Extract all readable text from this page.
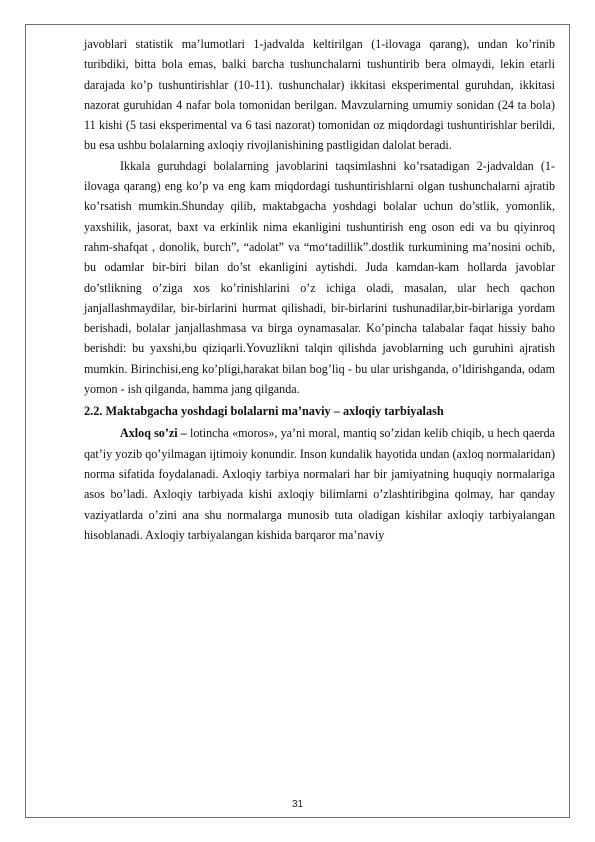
javoblari statistik ma’lumotlari 1-jadvalda keltirilgan (1-ilovaga qarang), undan ko’rinib turibdiki, bitta bola emas, balki barcha tushunchalarni tushuntirib bera olmaydi, lekin etarli darajada ko’p tushuntirishlar (10-11). tushunchalar) ikkitasi eksperimental guruhdan, ikkitasi nazorat guruhidan 4 nafar bola tomonidan berilgan. Mavzularning umumiy sonidan (24 ta bola) 11 kishi (5 tasi eksperimental va 6 tasi nazorat) tomonidan oz miqdordagi tushuntirishlar berildi, bu esa ushbu bolalarning axloqiy rivojlanishining pastligidan dalolat beradi.

Ikkala guruhdagi bolalarning javoblarini taqsimlashni ko’rsatadigan 2-jadvaldan (1-ilovaga qarang) eng ko’p va eng kam miqdordagi tushuntirishlarni olgan tushunchalarni ajratib ko’rsatish mumkin.Shunday qilib, maktabgacha yoshdagi bolalar uchun do’stlik, yomonlik, yaxshilik, jasorat, baxt va erkinlik nima ekanligini tushuntirish eng oson edi va bu qiyinroq rahm-shafqat , donolik, burch”, “adolat” va “mo‘tadillik”.dostlik turkumining ma’nosini ochib, bu odamlar bir-biri bilan do’st ekanligini aytishdi. Juda kamdan-kam hollarda javoblar do’stlikning o’ziga xos ko’rinishlarini o’z ichiga oladi, masalan, ular hech qachon janjallashmaydilar, bir-birlarini hurmat qilishadi, bir-birlarini tushunadilar,bir-birlariga yordam berishadi, bolalar janjallashmasa va birga oynamasalar. Ko’pincha talabalar faqat hissiy baho berishdi: bu yaxshi,bu qiziqarli.Yovuzlikni talqin qilishda javoblarning uch guruhini ajratish mumkin. Birinchisi,eng ko’pligi,harakat bilan bog’liq - bu ular urishganda, o’ldirishganda, odam yomon - ish qilganda, hamma jang qilganda.

2.2. Maktabgacha yoshdagi bolalarni ma’naviy – axloqiy tarbiyalash

Axloq so’zi – lotincha «moros», ya’ni moral, mantiq so’zidan kelib chiqib, u hech qaerda qat’iy yozib qo’yilmagan ijtimoiy konundir. Inson kundalik hayotida undan (axloq normalaridan) norma sifatida foydalanadi. Axloqiy tarbiya normalari har bir jamiyatning huquqiy normalariga asos bo’ladi. Axloqiy tarbiyada kishi axloqiy bilimlarni o’zlashtiribgina qolmay, har qanday vaziyatlarda o’zini ana shu normalarga munosib tuta oladigan kishilar axloqiy tarbiyalangan hisoblanadi. Axloqiy tarbiyalangan kishida barqaror ma’naviy

31
